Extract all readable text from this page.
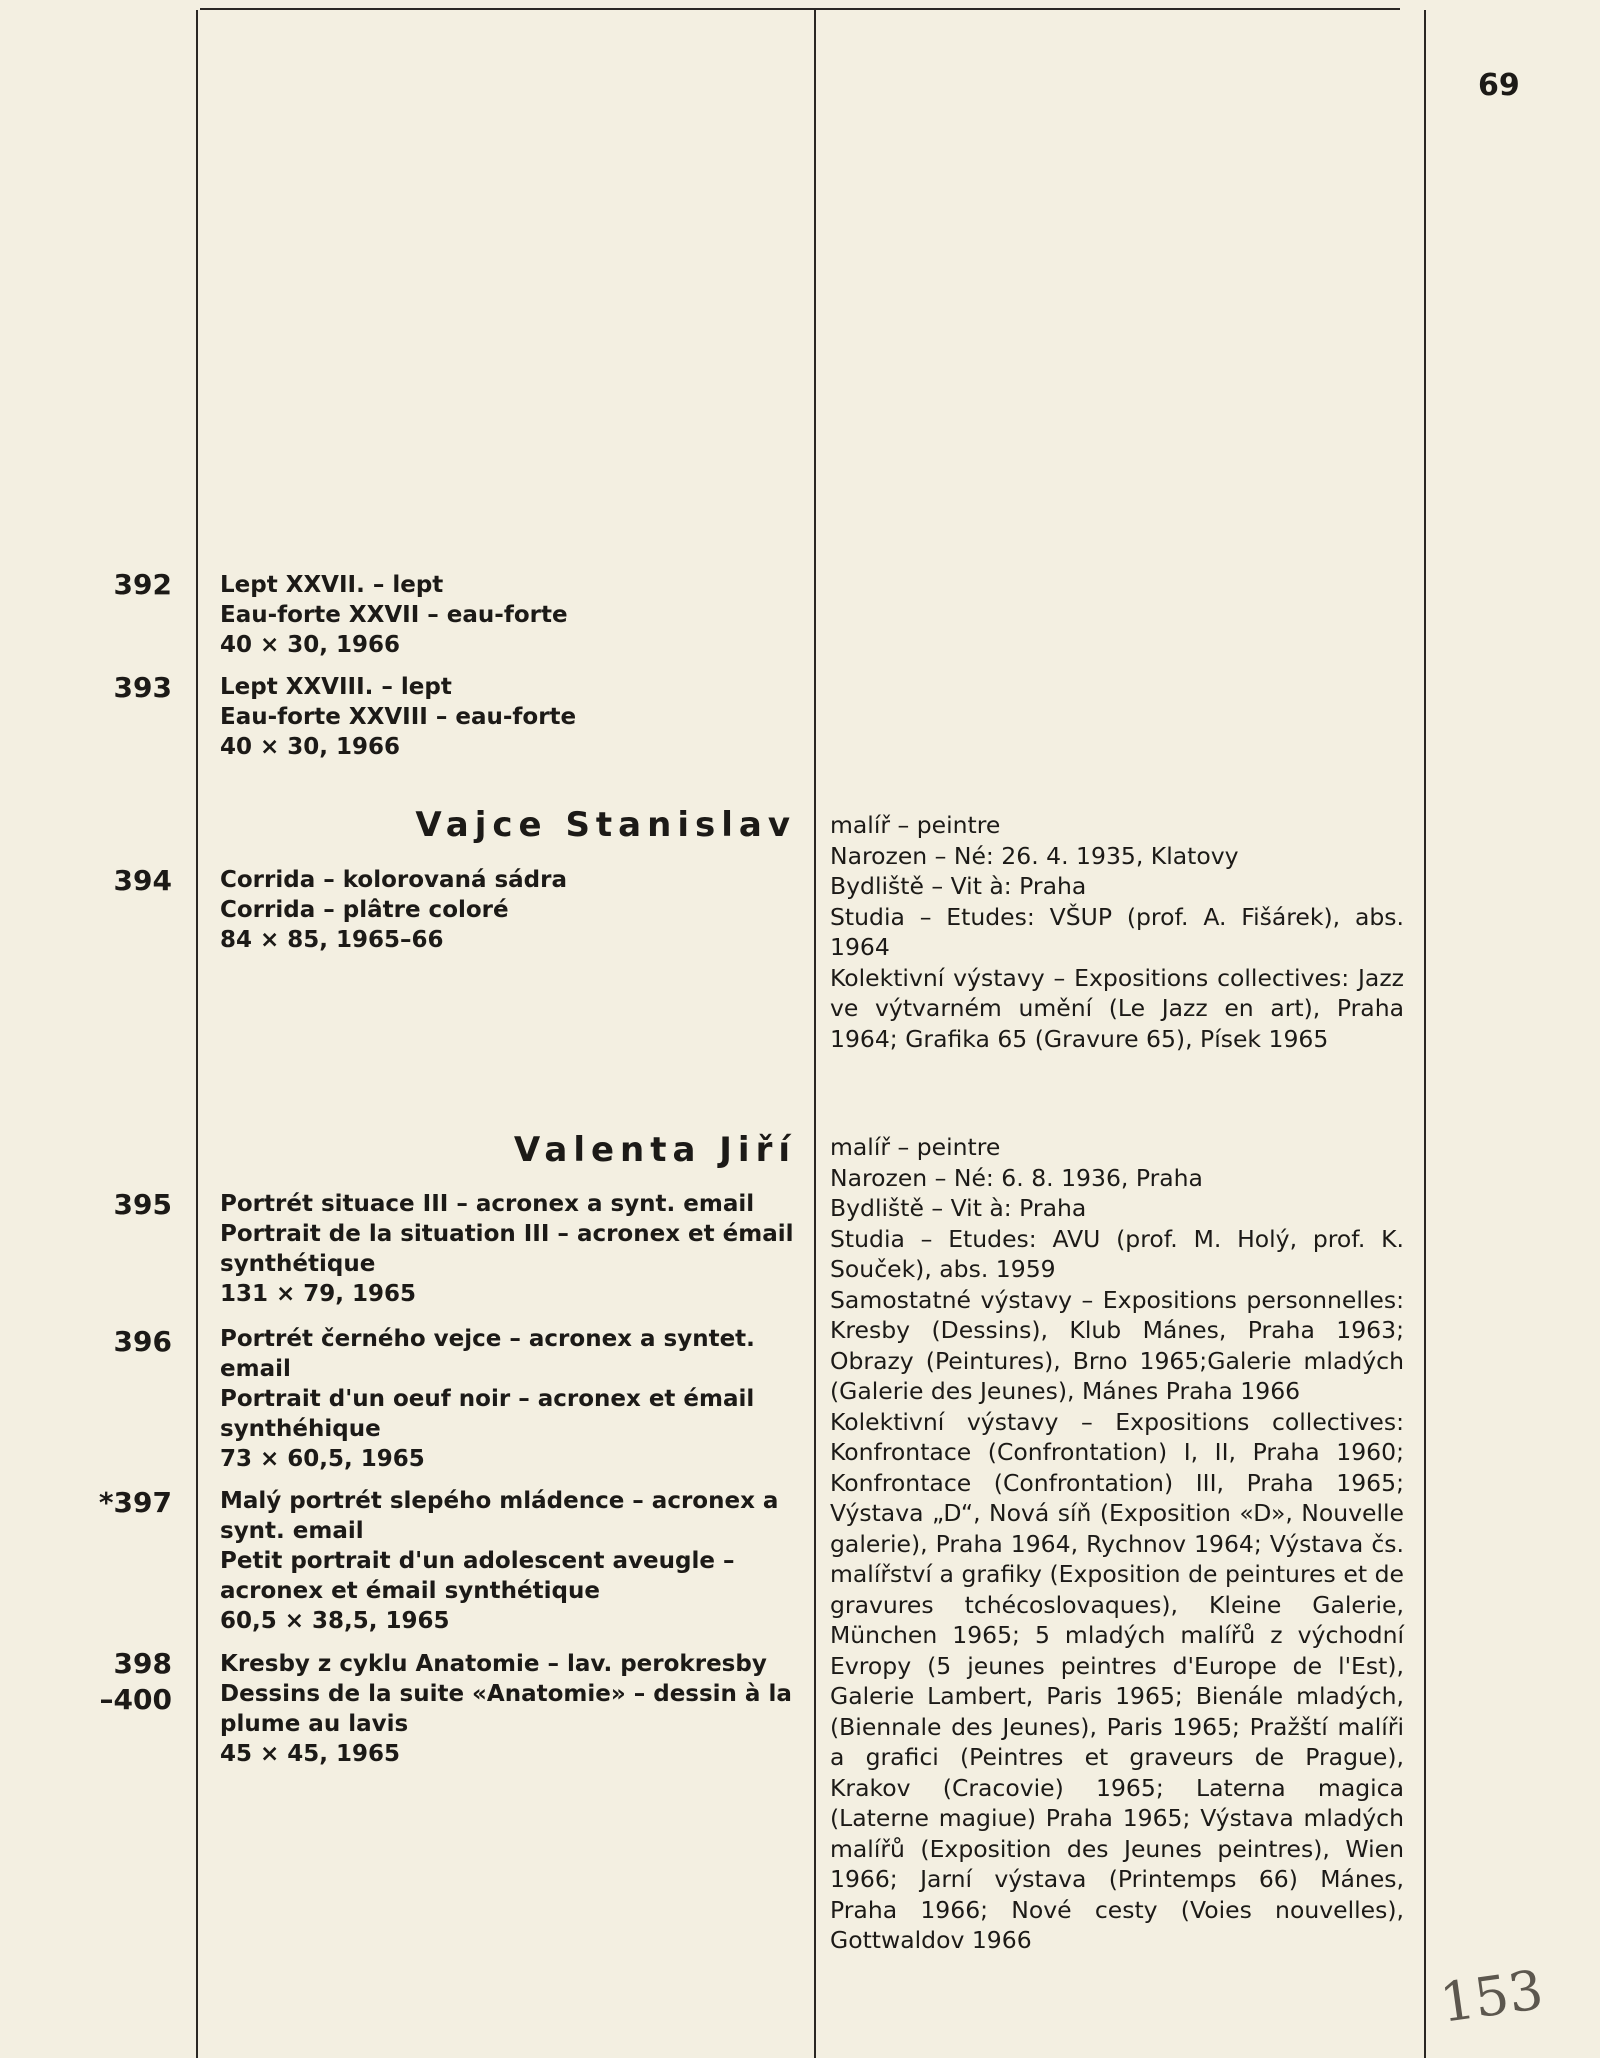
69
392 Lept XXVII. – lept

Eau-forte XXVII – eau-forte

40 × 30, 1966

393 Lept XXVIII. – lept

Eau-forte XXVIII – eau-forte

40 × 30, 1966

Vajce Stanislav
394 Corrida – kolorovaná sádra

Corrida – plâtre coloré

84 × 85, 1965–66

malíř – peintre

Narozen – Né: 26. 4. 1935, Klatovy

Bydliště – Vit à: Praha

Studia – Etudes: VŠUP (prof. A. Fišárek), abs. 1964

Kolektivní výstavy – Expositions collectives: Jazz ve výtvarném umění (Le Jazz en art), Praha 1964; Grafika 65 (Gravure 65), Písek 1965

Valenta Jiří
395 Portrét situace III – acronex a synt. email

Portrait de la situation III – acronex et émail synthétique

131 × 79, 1965

396 Portrét černého vejce – acronex a syntet. email

Portrait d'un oeuf noir – acronex et émail synthéhique

73 × 60,5, 1965

*397 Malý portrét slepého mládence – acronex a synt. email

Petit portrait d'un adolescent aveugle – acronex et émail synthétique

60,5 × 38,5, 1965

398
–400

Kresby z cyklu Anatomie – lav. perokresby

Dessins de la suite «Anatomie» – dessin à la plume au lavis

45 × 45, 1965

malíř – peintre

Narozen – Né: 6. 8. 1936, Praha

Bydliště – Vit à: Praha

Studia – Etudes: AVU (prof. M. Holý, prof. K. Souček), abs. 1959

Samostatné výstavy – Expositions personnelles: Kresby (Dessins), Klub Mánes, Praha 1963; Obrazy (Peintures), Brno 1965;Galerie mladých (Galerie des Jeunes), Mánes Praha 1966

Kolektivní výstavy – Expositions collectives: Konfrontace (Confrontation) I, II, Praha 1960; Konfrontace (Confrontation) III, Praha 1965; Výstava „D“, Nová síň (Exposition «D», Nouvelle galerie), Praha 1964, Rychnov 1964; Výstava čs. malířství a grafiky (Exposition de peintures et de gravures tchécoslovaques), Kleine Galerie, München 1965; 5 mladých malířů z východní Evropy (5 jeunes peintres d'Europe de l'Est), Galerie Lambert, Paris 1965; Bienále mladých, (Biennale des Jeunes), Paris 1965; Pražští malíři a grafici (Peintres et graveurs de Prague), Krakov (Cracovie) 1965; Laterna magica (Laterne magiue) Praha 1965; Výstava mladých malířů (Exposition des Jeunes peintres), Wien 1966; Jarní výstava (Printemps 66) Mánes, Praha 1966; Nové cesty (Voies nouvelles), Gottwaldov 1966

153
